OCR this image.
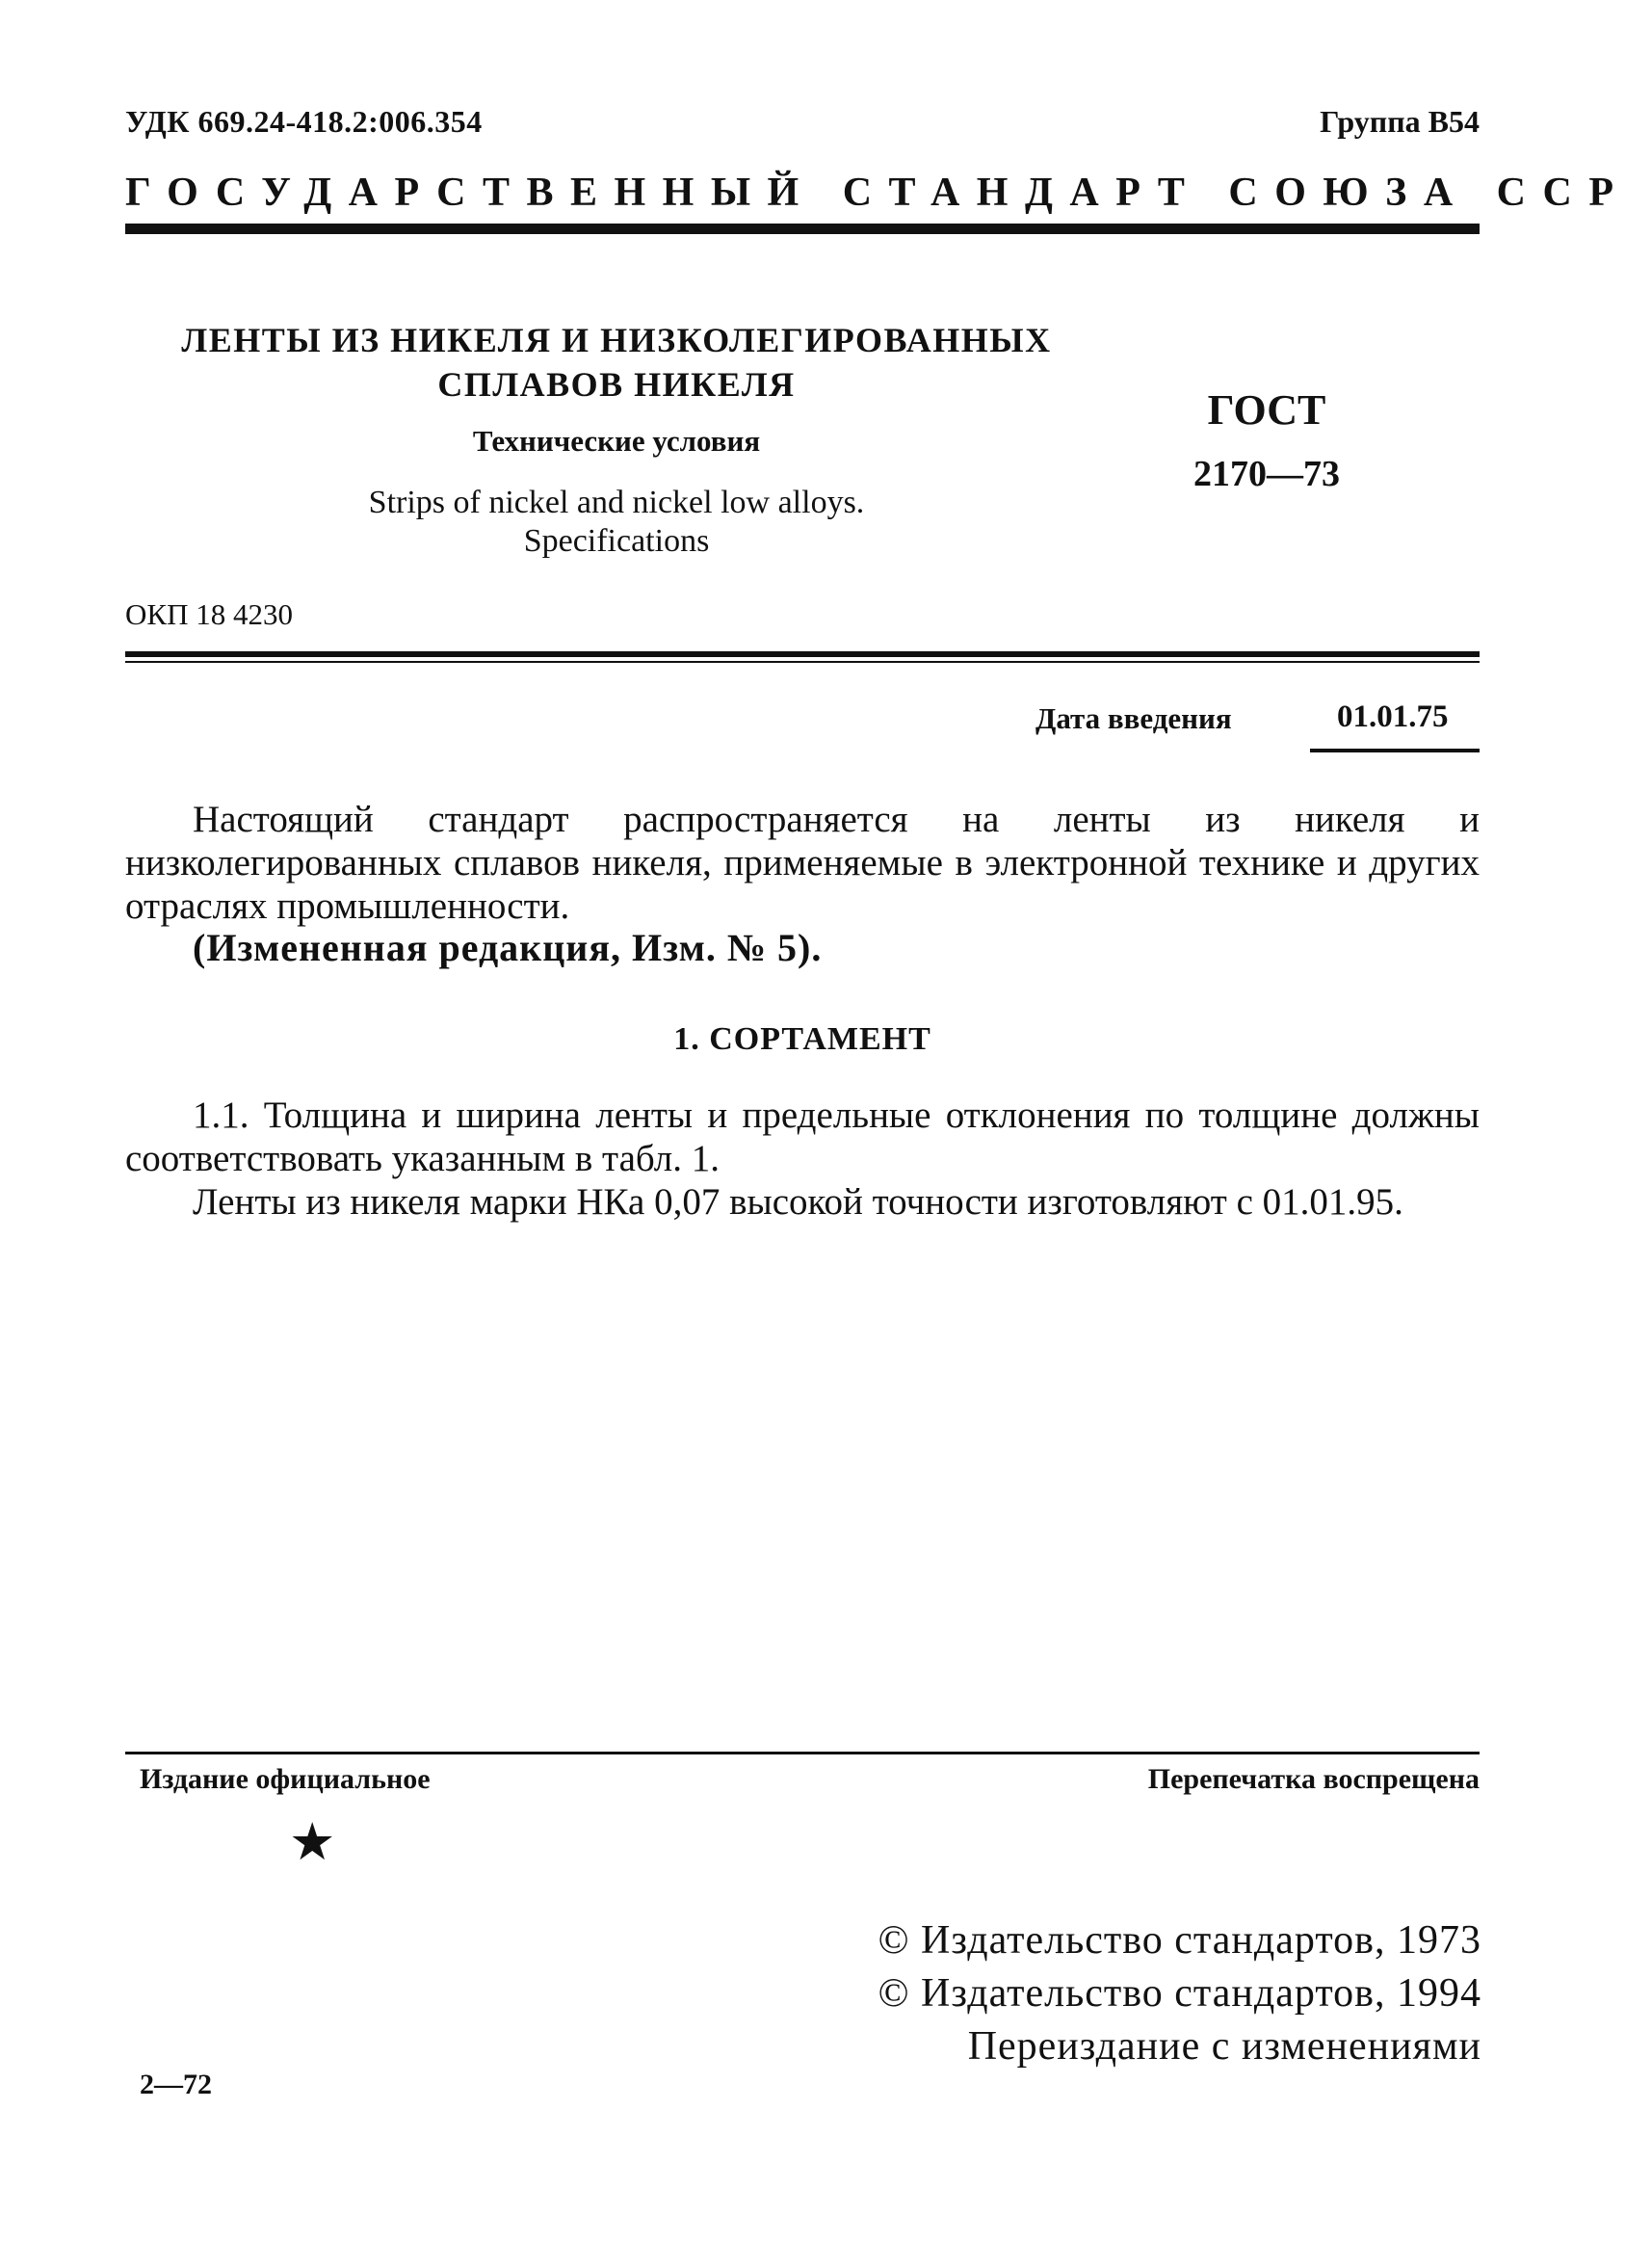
УДК 669.24-418.2:006.354	Группа В54
ГОСУДАРСТВЕННЫЙ СТАНДАРТ СОЮЗА ССР
ЛЕНТЫ ИЗ НИКЕЛЯ И НИЗКОЛЕГИРОВАННЫХ
СПЛАВОВ НИКЕЛЯ
Технические условия
Strips of nickel and nickel low alloys.
Specifications
ГОСТ
2170—73
ОКП 18 4230
Дата введения	01.01.75
Настоящий стандарт распространяется на ленты из никеля и низколегированных сплавов никеля, применяемые в электронной технике и других отраслях промышленности.
(Измененная редакция, Изм. № 5).
1. СОРТАМЕНТ
1.1. Толщина и ширина ленты и предельные отклонения по толщине должны соответствовать указанным в табл. 1.
Ленты из никеля марки НКа 0,07 высокой точности изготовляют с 01.01.95.
Издание официальное	Перепечатка воспрещена
★
© Издательство стандартов, 1973
© Издательство стандартов, 1994
Переиздание с изменениями
2—72
